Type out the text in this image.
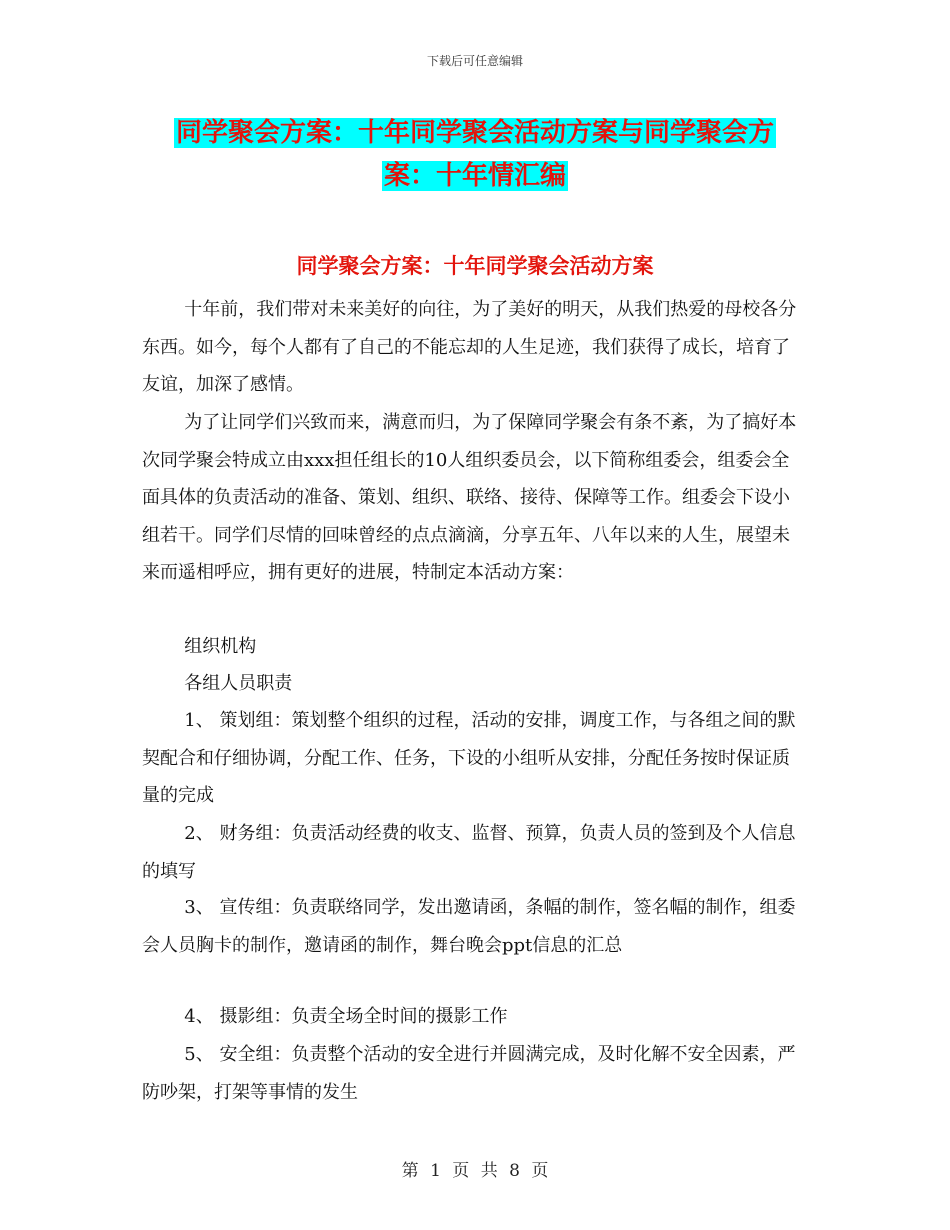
下载后可任意编辑
同学聚会方案：十年同学聚会活动方案与同学聚会方
案：十年情汇编
同学聚会方案：十年同学聚会活动方案

十年前，我们带对未来美好的向往，为了美好的明天，从我们热爱的母校各分东西。如今，每个人都有了自己的不能忘却的人生足迹，我们获得了成长，培育了友谊，加深了感情。

为了让同学们兴致而来，满意而归，为了保障同学聚会有条不紊，为了搞好本次同学聚会特成立由xxx担任组长的10人组织委员会，以下简称组委会，组委会全面具体的负责活动的准备、策划、组织、联络、接待、保障等工作。组委会下设小组若干。同学们尽情的回味曾经的点点滴滴，分享五年、八年以来的人生，展望未来而遥相呼应，拥有更好的进展，特制定本活动方案：

组织机构

各组人员职责

1、 策划组：策划整个组织的过程，活动的安排，调度工作，与各组之间的默契配合和仔细协调，分配工作、任务，下设的小组听从安排，分配任务按时保证质量的完成

2、 财务组：负责活动经费的收支、监督、预算，负责人员的签到及个人信息的填写

3、 宣传组：负责联络同学，发出邀请函，条幅的制作，签名幅的制作，组委会人员胸卡的制作，邀请函的制作，舞台晚会ppt信息的汇总

4、 摄影组：负责全场全时间的摄影工作

5、 安全组：负责整个活动的安全进行并圆满完成，及时化解不安全因素，严防吵架，打架等事情的发生

第 1 页 共 8 页
